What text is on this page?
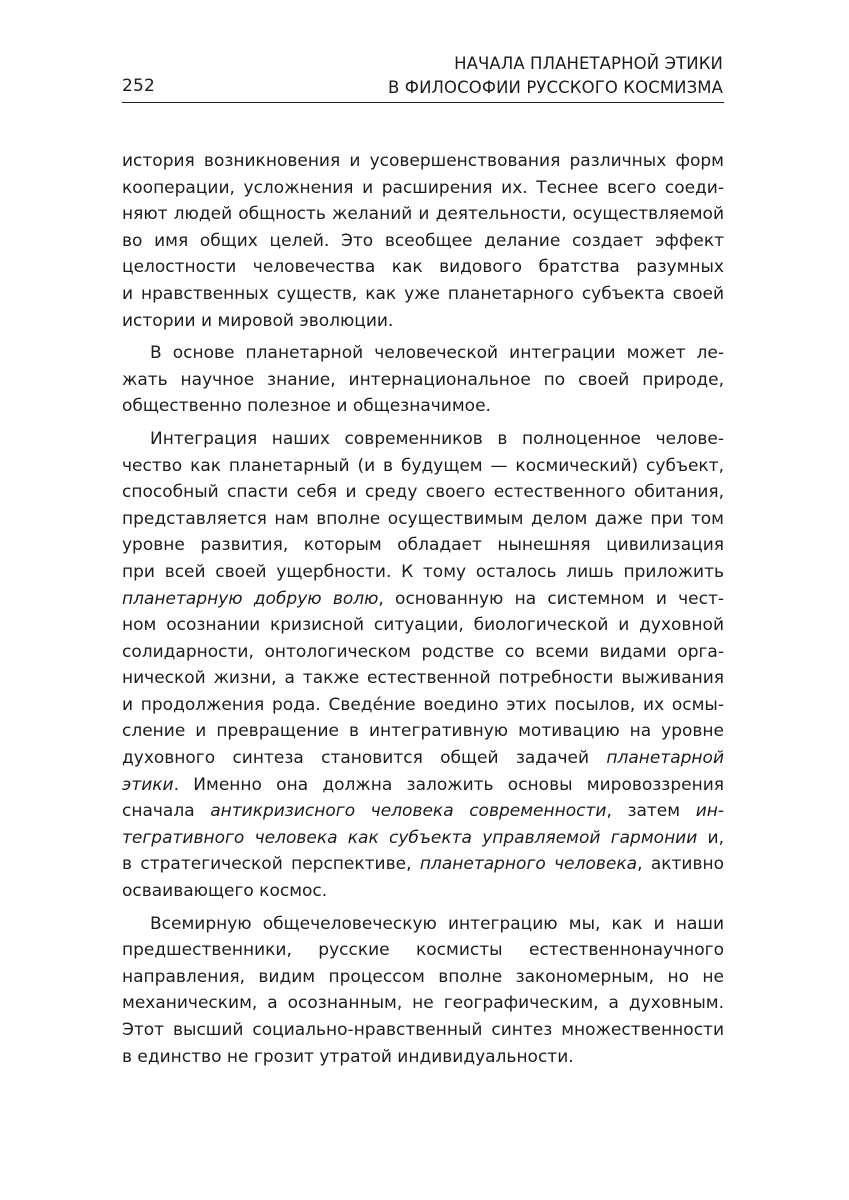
252
НАЧАЛА ПЛАНЕТАРНОЙ ЭТИКИ
В ФИЛОСОФИИ РУССКОГО КОСМИЗМА
история возникновения и усовершенствования различных форм
кооперации, усложнения и расширения их. Теснее всего соеди-
няют людей общность желаний и деятельности, осуществляемой
во имя общих целей. Это всеобщее делание создает эффект
целостности человечества как видового братства разумных
и нравственных существ, как уже планетарного субъекта своей
истории и мировой эволюции.
В основе планетарной человеческой интеграции может ле-
жать научное знание, интернациональное по своей природе,
общественно полезное и общезначимое.
Интеграция наших современников в полноценное челове-
чество как планетарный (и в будущем — космический) субъект,
способный спасти себя и среду своего естественного обитания,
представляется нам вполне осуществимым делом даже при том
уровне развития, которым обладает нынешняя цивилизация
при всей своей ущербности. К тому осталось лишь приложить
планетарную добрую волю, основанную на системном и чест-
ном осознании кризисной ситуации, биологической и духовной
солидарности, онтологическом родстве со всеми видами орга-
нической жизни, а также естественной потребности выживания
и продолжения рода. Сведе́ние воедино этих посылов, их осмы-
сление и превращение в интегративную мотивацию на уровне
духовного синтеза становится общей задачей планетарной
этики. Именно она должна заложить основы мировоззрения
сначала антикризисного человека современности, затем ин-
тегративного человека как субъекта управляемой гармонии и,
в стратегической перспективе, планетарного человека, активно
осваивающего космос.
Всемирную общечеловеческую интеграцию мы, как и наши
предшественники, русские космисты естественнонаучного
направления, видим процессом вполне закономерным, но не
механическим, а осознанным, не географическим, а духовным.
Этот высший социально-нравственный синтез множественности
в единство не грозит утратой индивидуальности.
